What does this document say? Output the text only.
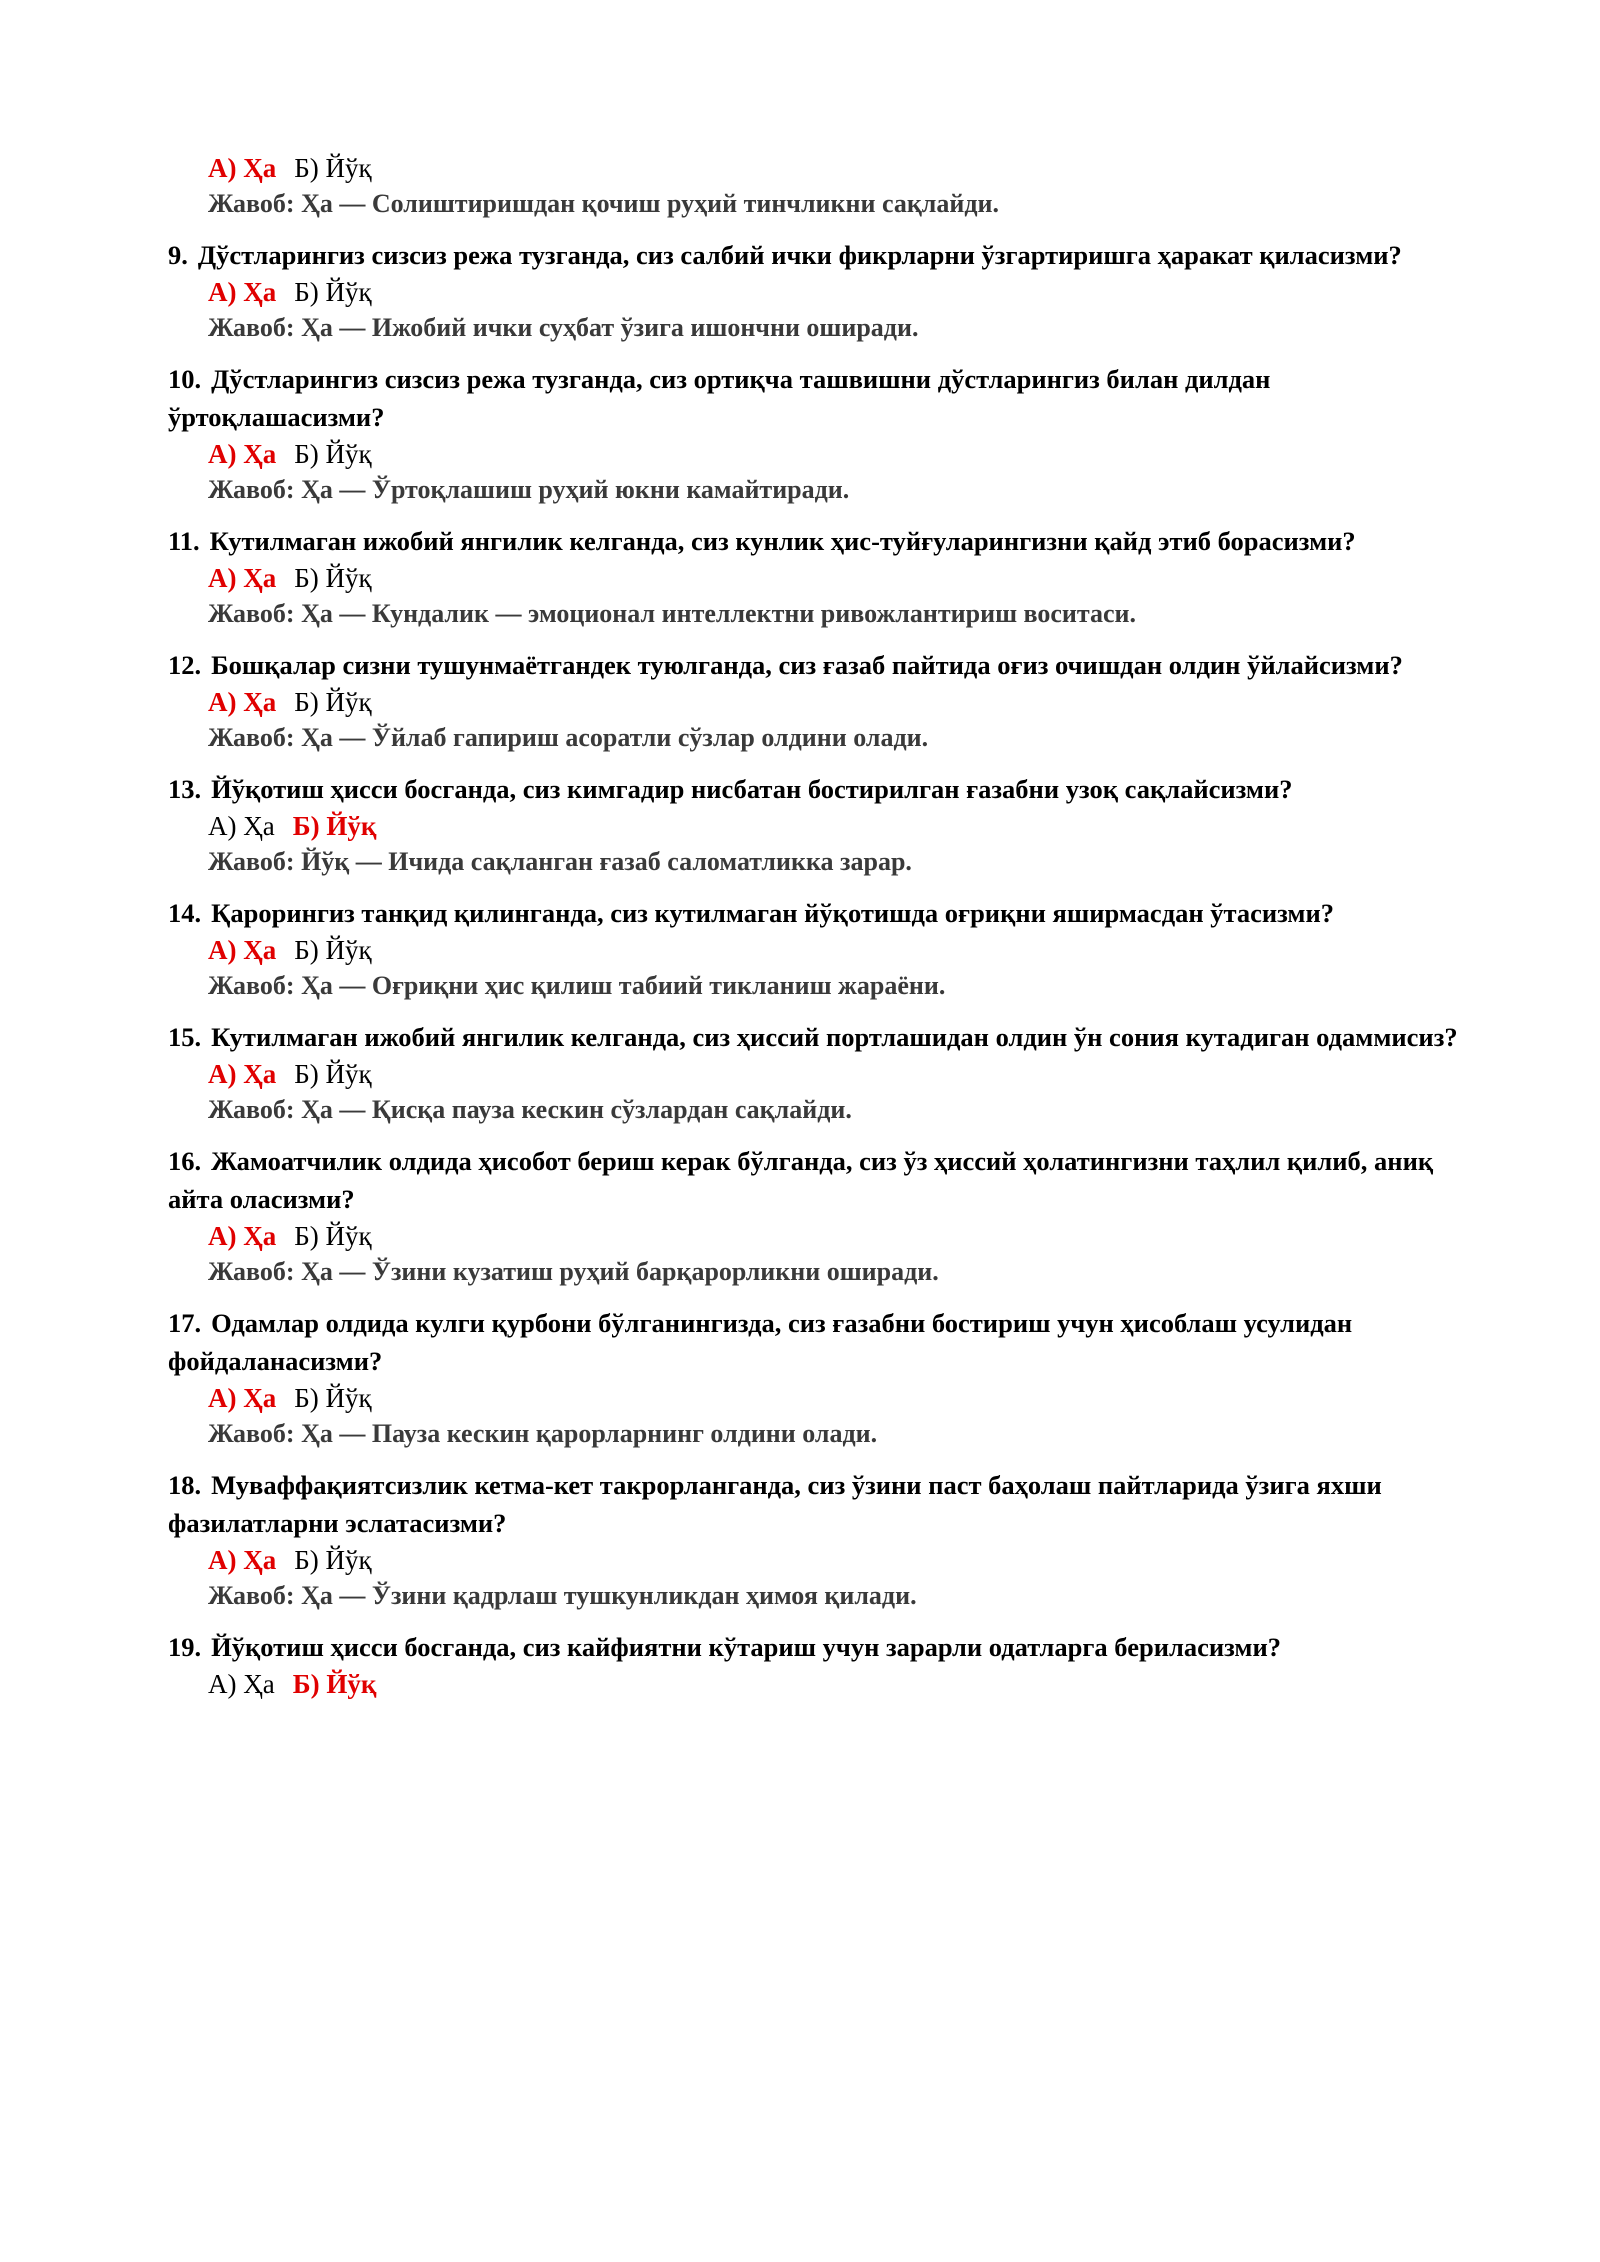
А) Ҳа Б) Йўқ
Жавоб: Ҳа — Солиштиришдан қочиш руҳий тинчликни сақлайди.
9. Дўстларингиз сизсиз режа тузганда, сиз салбий ички фикрларни ўзгартиришга ҳаракат қиласизми?
А) Ҳа Б) Йўқ
Жавоб: Ҳа — Ижобий ички суҳбат ўзига ишончни оширади.
10. Дўстларингиз сизсиз режа тузганда, сиз ортиқча ташвишни дўстларингиз билан дилдан ўртоқлашасизми?
А) Ҳа Б) Йўқ
Жавоб: Ҳа — Ўртоқлашиш руҳий юкни камайтиради.
11. Кутилмаган ижобий янгилик келганда, сиз кунлик ҳис-туйғуларингизни қайд этиб борасизми?
А) Ҳа Б) Йўқ
Жавоб: Ҳа — Кундалик — эмоционал интеллектни ривожлантириш воситаси.
12. Бошқалар сизни тушунмаётгандек туюлганда, сиз ғазаб пайтида оғиз очишдан олдин ўйлайсизми?
А) Ҳа Б) Йўқ
Жавоб: Ҳа — Ўйлаб гапириш асоратли сўзлар олдини олади.
13. Йўқотиш ҳисси босганда, сиз кимгадир нисбатан бостирилган ғазабни узоқ сақлайсизми?
А) Ҳа Б) Йўқ
Жавоб: Йўқ — Ичида сақланган ғазаб саломатликка зарар.
14. Қарорингиз танқид қилинганда, сиз кутилмаган йўқотишда оғриқни яширмасдан ўтасизми?
А) Ҳа Б) Йўқ
Жавоб: Ҳа — Оғриқни ҳис қилиш табиий тикланиш жараёни.
15. Кутилмаган ижобий янгилик келганда, сиз ҳиссий портлашидан олдин ўн сония кутадиган одаммисиз?
А) Ҳа Б) Йўқ
Жавоб: Ҳа — Қисқа пауза кескин сўзлардан сақлайди.
16. Жамоатчилик олдида ҳисобот бериш керак бўлганда, сиз ўз ҳиссий ҳолатингизни таҳлил қилиб, аниқ айта оласизми?
А) Ҳа Б) Йўқ
Жавоб: Ҳа — Ўзини кузатиш руҳий барқарорликни оширади.
17. Одамлар олдида кулги қурбони бўлганингизда, сиз ғазабни бостириш учун ҳисоблаш усулидан фойдаланасизми?
А) Ҳа Б) Йўқ
Жавоб: Ҳа — Пауза кескин қарорларнинг олдини олади.
18. Муваффақиятсизлик кетма-кет такрорланганда, сиз ўзини паст баҳолаш пайтларида ўзига яхши фазилатларни эслатасизми?
А) Ҳа Б) Йўқ
Жавоб: Ҳа — Ўзини қадрлаш тушкунликдан ҳимоя қилади.
19. Йўқотиш ҳисси босганда, сиз кайфиятни кўтариш учун зарарли одатларга бериласизми?
А) Ҳа Б) Йўқ
